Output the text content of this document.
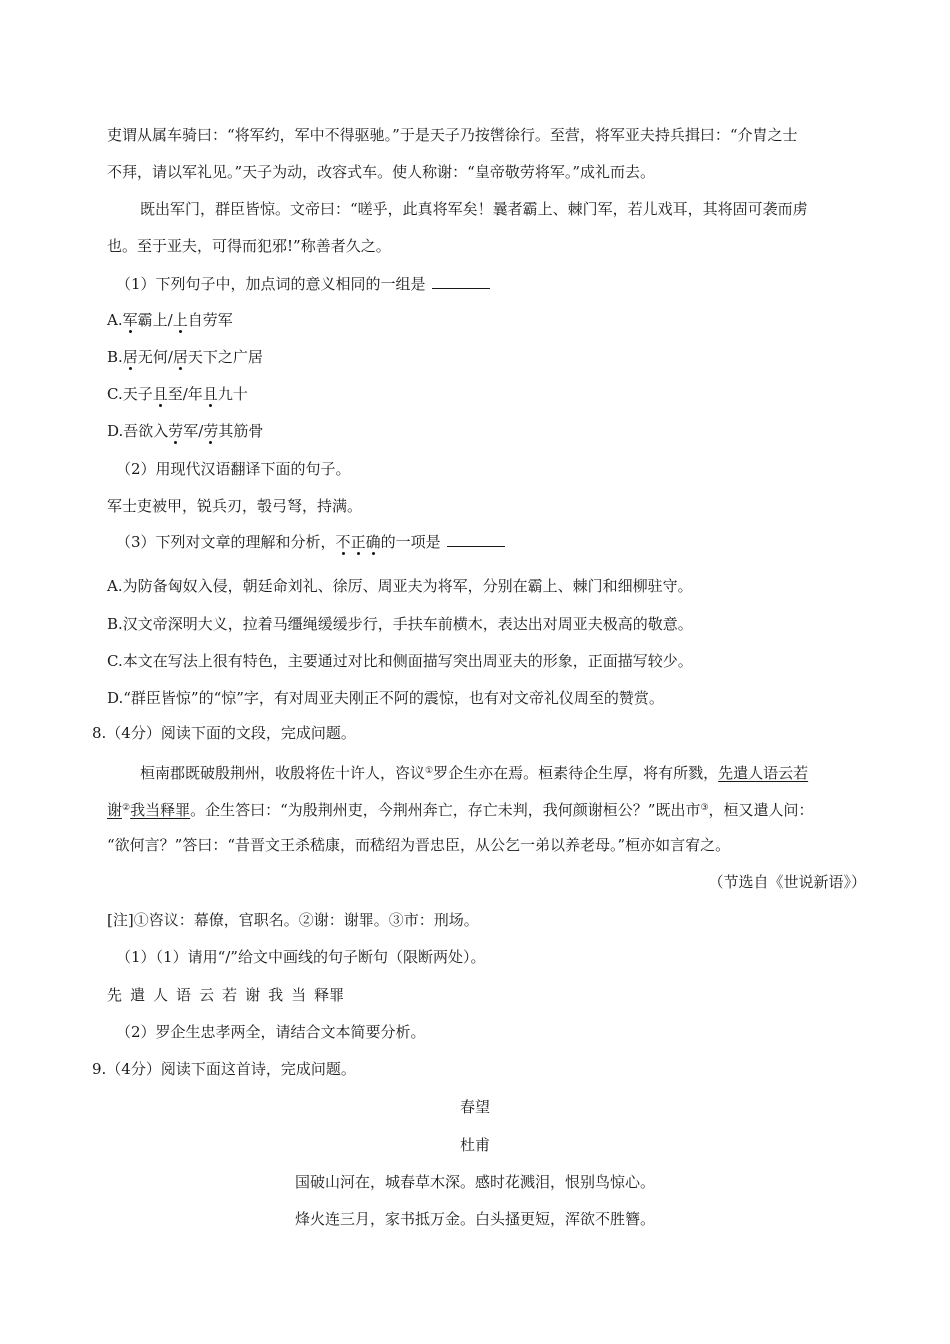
吏谓从属车骑曰：“将军约，军中不得驱驰。”于是天子乃按辔徐行。至营，将军亚夫持兵揖曰：“介胄之士
不拜，请以军礼见。”天子为动，改容式车。使人称谢：“皇帝敬劳将军。”成礼而去。
既出军门，群臣皆惊。文帝曰：“嗟乎，此真将军矣！曩者霸上、棘门军，若儿戏耳，其将固可袭而虏
也。至于亚夫，可得而犯邪!”称善者久之。
（1）下列句子中，加点词的意义相同的一组是
A.军霸上/上自劳军
B.居无何/居天下之广居
C.天子且至/年且九十
D.吾欲入劳军/劳其筋骨
（2）用现代汉语翻译下面的句子。
军士吏被甲，锐兵刃，彀弓弩，持满。
（3）下列对文章的理解和分析，不正确的一项是
A.为防备匈奴入侵，朝廷命刘礼、徐厉、周亚夫为将军，分别在霸上、棘门和细柳驻守。
B.汉文帝深明大义，拉着马缰绳缓缓步行，手扶车前横木，表达出对周亚夫极高的敬意。
C.本文在写法上很有特色，主要通过对比和侧面描写突出周亚夫的形象，正面描写较少。
D.“群臣皆惊”的“惊”字，有对周亚夫刚正不阿的震惊，也有对文帝礼仪周至的赞赏。
8.（4分）阅读下面的文段，完成问题。
桓南郡既破殷荆州，收殷将佐十许人，咨议①罗企生亦在焉。桓素待企生厚，将有所戮，先遣人语云若
谢②我当释罪。企生答曰：“为殷荆州吏，今荆州奔亡，存亡未判，我何颜谢桓公？”既出市③，桓又遣人问：
“欲何言？”答曰：“昔晋文王杀嵇康，而嵇绍为晋忠臣，从公乞一弟以养老母。”桓亦如言宥之。
（节选自《世说新语》）
[注]①咨议：幕僚，官职名。②谢：谢罪。③市：刑场。
（1）（1）请用“/”给文中画线的句子断句（限断两处）。
先 遣 人 语 云 若 谢 我 当 释罪
（2）罗企生忠孝两全，请结合文本简要分析。
9.（4分）阅读下面这首诗，完成问题。
春望
杜甫
国破山河在，城春草木深。感时花溅泪，恨别鸟惊心。
烽火连三月，家书抵万金。白头搔更短，浑欲不胜簪。
